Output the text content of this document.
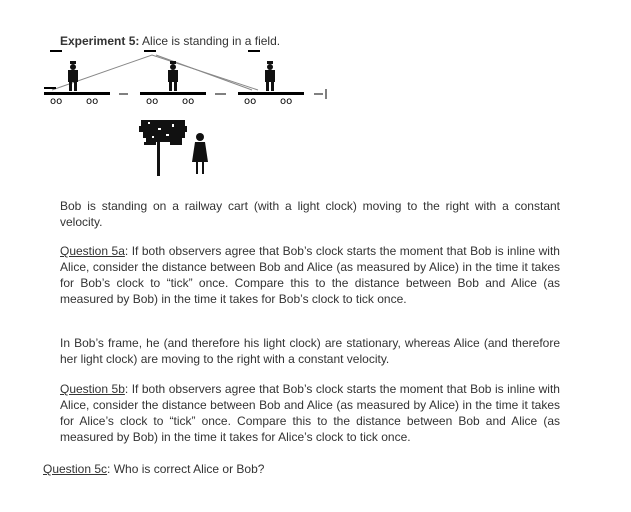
Experiment 5: Alice is standing in a field.
oo oo	oo oo	oo oo
Bob is standing on a railway cart (with a light clock) moving to the right with a constant velocity.
Question 5a: If both observers agree that Bob’s clock starts the moment that Bob is inline with Alice, consider the distance between Bob and Alice (as measured by Alice) in the time it takes for Bob’s clock to “tick” once. Compare this to the distance between Bob and Alice (as measured by Bob) in the time it takes for Bob’s clock to tick once.
In Bob’s frame, he (and therefore his light clock) are stationary, whereas Alice (and therefore her light clock) are moving to the right with a constant velocity.
Question 5b: If both observers agree that Bob’s clock starts the moment that Bob is inline with Alice, consider the distance between Bob and Alice (as measured by Alice) in the time it takes for Alice’s clock to “tick” once. Compare this to the distance between Bob and Alice (as measured by Bob) in the time it takes for Alice’s clock to tick once.
Question 5c: Who is correct Alice or Bob?
